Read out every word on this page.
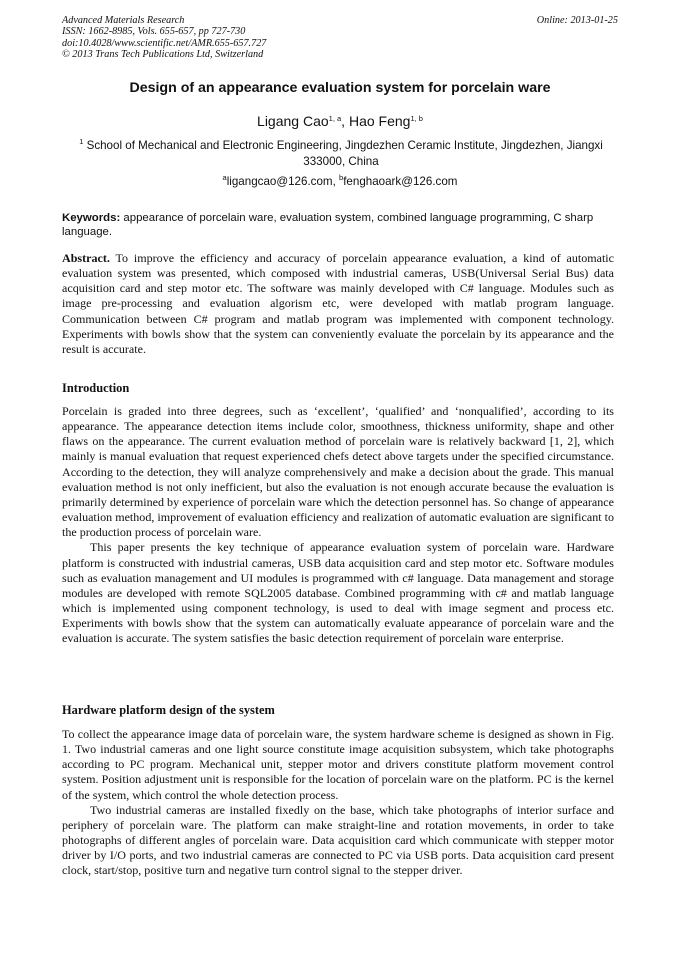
Advanced Materials Research
ISSN: 1662-8985, Vols. 655-657, pp 727-730
doi:10.4028/www.scientific.net/AMR.655-657.727
© 2013 Trans Tech Publications Ltd, Switzerland
Online: 2013-01-25
Design of an appearance evaluation system for porcelain ware
Ligang Cao$^{1, a}$, Hao Feng$^{1, b}$
$^1$ School of Mechanical and Electronic Engineering, Jingdezhen Ceramic Institute, Jingdezhen, Jiangxi 333000, China
$^a$ligangcao@126.com, $^b$fenghaoark@126.com
Keywords: appearance of porcelain ware, evaluation system, combined language programming, C sharp language.

Abstract. To improve the efficiency and accuracy of porcelain appearance evaluation, a kind of automatic evaluation system was presented, which composed with industrial cameras, USB(Universal Serial Bus) data acquisition card and step motor etc. The software was mainly developed with C# language. Modules such as image pre-processing and evaluation algorism etc, were developed with matlab program language. Communication between C# program and matlab program was implemented with component technology. Experiments with bowls show that the system can conveniently evaluate the porcelain by its appearance and the result is accurate.

Introduction

Porcelain is graded into three degrees, such as ‘excellent’, ‘qualified’ and ‘nonqualified’, according to its appearance. The appearance detection items include color, smoothness, thickness uniformity, shape and other flaws on the appearance. The current evaluation method of porcelain ware is relatively backward [1, 2], which mainly is manual evaluation that request experienced chefs detect above targets under the specified circumstance. According to the detection, they will analyze comprehensively and make a decision about the grade. This manual evaluation method is not only inefficient, but also the evaluation is not enough accurate because the evaluation is primarily determined by experience of porcelain ware which the detection personnel has. So change of appearance evaluation method, improvement of evaluation efficiency and realization of automatic evaluation are significant to the production process of porcelain ware.

This paper presents the key technique of appearance evaluation system of porcelain ware. Hardware platform is constructed with industrial cameras, USB data acquisition card and step motor etc. Software modules such as evaluation management and UI modules is programmed with c# language. Data management and storage modules are developed with remote SQL2005 database. Combined programming with c# and matlab language which is implemented using component technology, is used to deal with image segment and process etc. Experiments with bowls show that the system can automatically evaluate appearance of porcelain ware and the evaluation is accurate. The system satisfies the basic detection requirement of porcelain ware enterprise.

Hardware platform design of the system

To collect the appearance image data of porcelain ware, the system hardware scheme is designed as shown in Fig. 1. Two industrial cameras and one light source constitute image acquisition subsystem, which take photographs according to PC program. Mechanical unit, stepper motor and drivers constitute platform movement control system. Position adjustment unit is responsible for the location of porcelain ware on the platform. PC is the kernel of the system, which control the whole detection process.

Two industrial cameras are installed fixedly on the base, which take photographs of interior surface and periphery of porcelain ware. The platform can make straight-line and rotation movements, in order to take photographs of different angles of porcelain ware. Data acquisition card which communicate with stepper motor driver by I/O ports, and two industrial cameras are connected to PC via USB ports. Data acquisition card present clock, start/stop, positive turn and negative turn control signal to the stepper driver.
